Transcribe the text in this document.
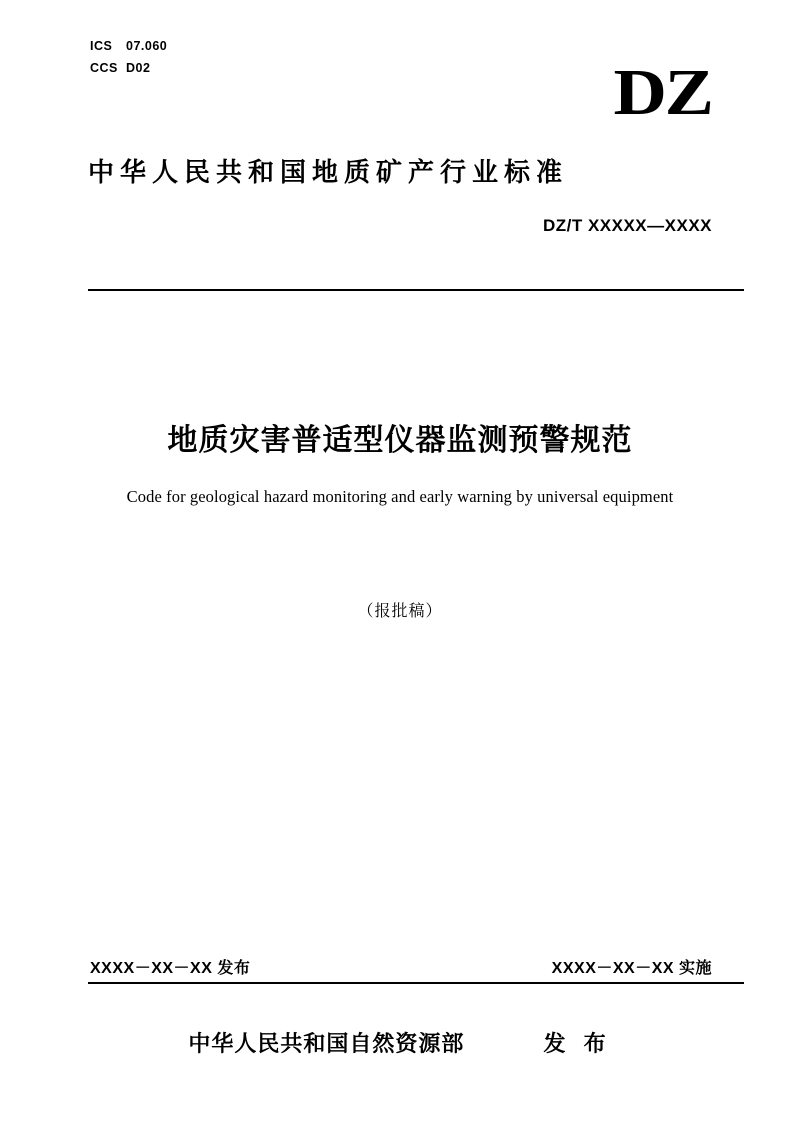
ICS	07.060
CCS D02	DZ
中华人民共和国地质矿产行业标准
DZ/T XXXXX—XXXX
地质灾害普适型仪器监测预警规范
Code for geological hazard monitoring and early warning by universal equipment
（报批稿）
XXXX－XX－XX 发布	XXXX－XX－XX 实施
中华人民共和国自然资源部	发 布
